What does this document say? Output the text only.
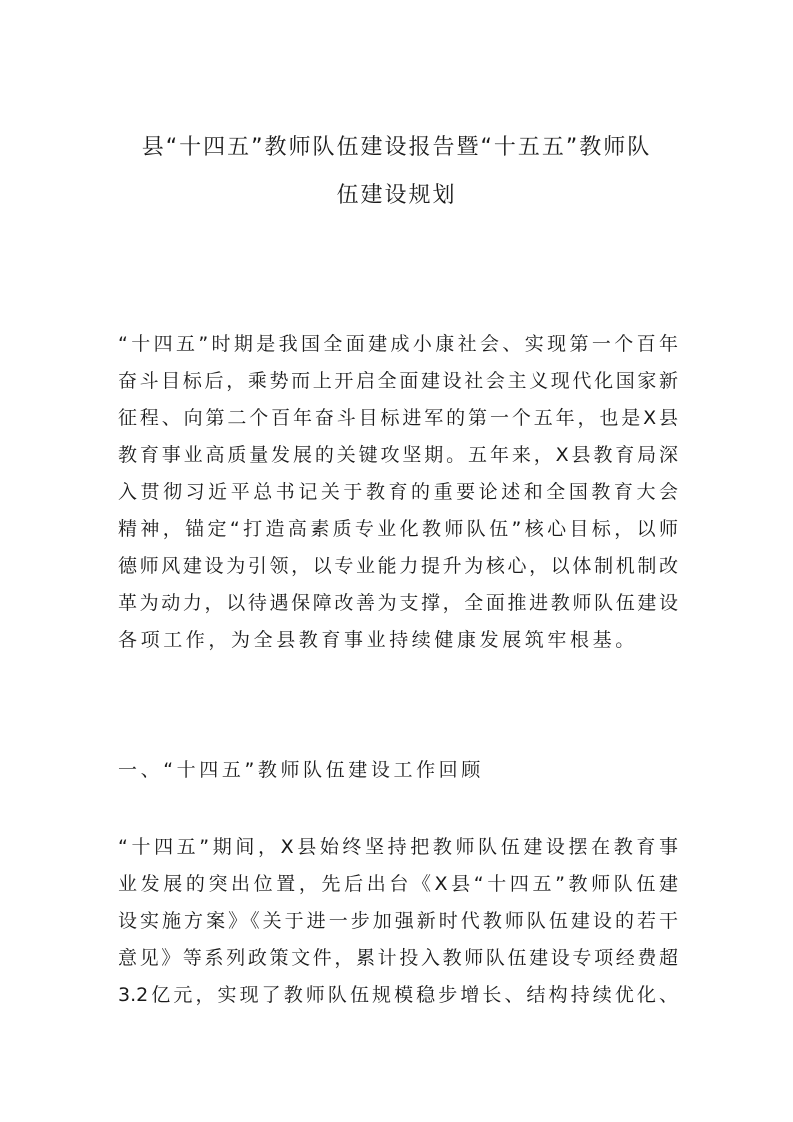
县“十四五”教师队伍建设报告暨“十五五”教师队
伍建设规划
“十四五”时期是我国全面建成小康社会、实现第一个百年
奋斗目标后，乘势而上开启全面建设社会主义现代化国家新
征程、向第二个百年奋斗目标进军的第一个五年，也是X县
教育事业高质量发展的关键攻坚期。五年来，X县教育局深
入贯彻习近平总书记关于教育的重要论述和全国教育大会
精神，锚定“打造高素质专业化教师队伍”核心目标，以师
德师风建设为引领，以专业能力提升为核心，以体制机制改
革为动力，以待遇保障改善为支撑，全面推进教师队伍建设
各项工作，为全县教育事业持续健康发展筑牢根基。
一、“十四五”教师队伍建设工作回顾
“十四五”期间，X县始终坚持把教师队伍建设摆在教育事
业发展的突出位置，先后出台《X县“十四五”教师队伍建
设实施方案》《关于进一步加强新时代教师队伍建设的若干
意见》等系列政策文件，累计投入教师队伍建设专项经费超
3.2亿元，实现了教师队伍规模稳步增长、结构持续优化、
